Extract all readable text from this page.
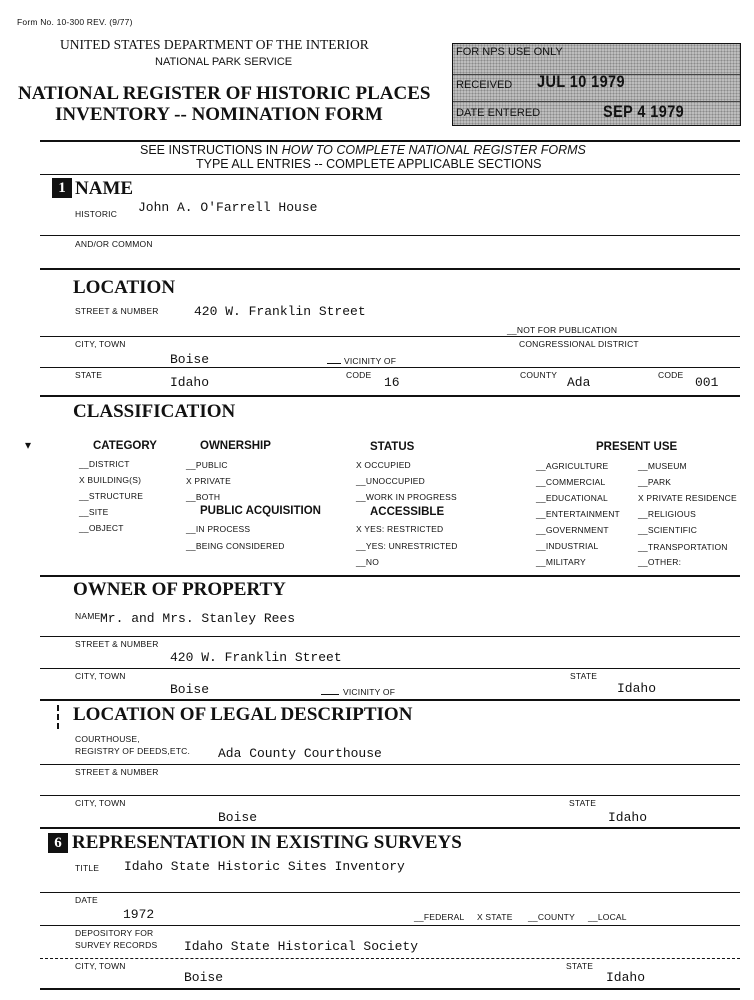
Form No. 10-300 REV. (9/77)
UNITED STATES DEPARTMENT OF THE INTERIOR
NATIONAL PARK SERVICE
NATIONAL REGISTER OF HISTORIC PLACES
INVENTORY -- NOMINATION FORM
FOR NPS USE ONLY
RECEIVED JUL 10 1979
DATE ENTERED	SEP 4 1979
SEE INSTRUCTIONS IN HOW TO COMPLETE NATIONAL REGISTER FORMS
TYPE ALL ENTRIES -- COMPLETE APPLICABLE SECTIONS
1 NAME
HISTORIC John A. O'Farrell House
AND/OR COMMON
LOCATION
STREET & NUMBER	420 W. Franklin Street
__NOT FOR PUBLICATION
CITY, TOWN	CONGRESSIONAL DISTRICT
Boise	VICINITY OF
STATE	Idaho	CODE 16	COUNTY Ada	CODE 001
CLASSIFICATION
▾	CATEGORY
__DISTRICT
X BUILDING(S)
__STRUCTURE
__SITE
__OBJECT
OWNERSHIP
__PUBLIC
X PRIVATE
__BOTH
PUBLIC ACQUISITION
__IN PROCESS
__BEING CONSIDERED
STATUS
X OCCUPIED
__UNOCCUPIED
__WORK IN PROGRESS
ACCESSIBLE
X YES: RESTRICTED
__YES: UNRESTRICTED
__NO
PRESENT USE
__AGRICULTURE
__COMMERCIAL
__EDUCATIONAL
__ENTERTAINMENT
__GOVERNMENT
__INDUSTRIAL
__MILITARY
__MUSEUM
__PARK
X PRIVATE RESIDENCE
__RELIGIOUS
__SCIENTIFIC
__TRANSPORTATION
__OTHER:
OWNER OF PROPERTY
NAME Mr. and Mrs. Stanley Rees
STREET & NUMBER
420 W. Franklin Street
CITY, TOWN	STATE
Boise	VICINITY OF	Idaho
LOCATION OF LEGAL DESCRIPTION
COURTHOUSE,
REGISTRY OF DEEDS,ETC. Ada County Courthouse
STREET & NUMBER
CITY, TOWN	STATE
Boise	Idaho
6 REPRESENTATION IN EXISTING SURVEYS
TITLE Idaho State Historic Sites Inventory
DATE
1972	__FEDERAL X STATE __COUNTY __LOCAL
DEPOSITORY FOR
SURVEY RECORDS Idaho State Historical Society
CITY, TOWN	STATE
Boise	Idaho
